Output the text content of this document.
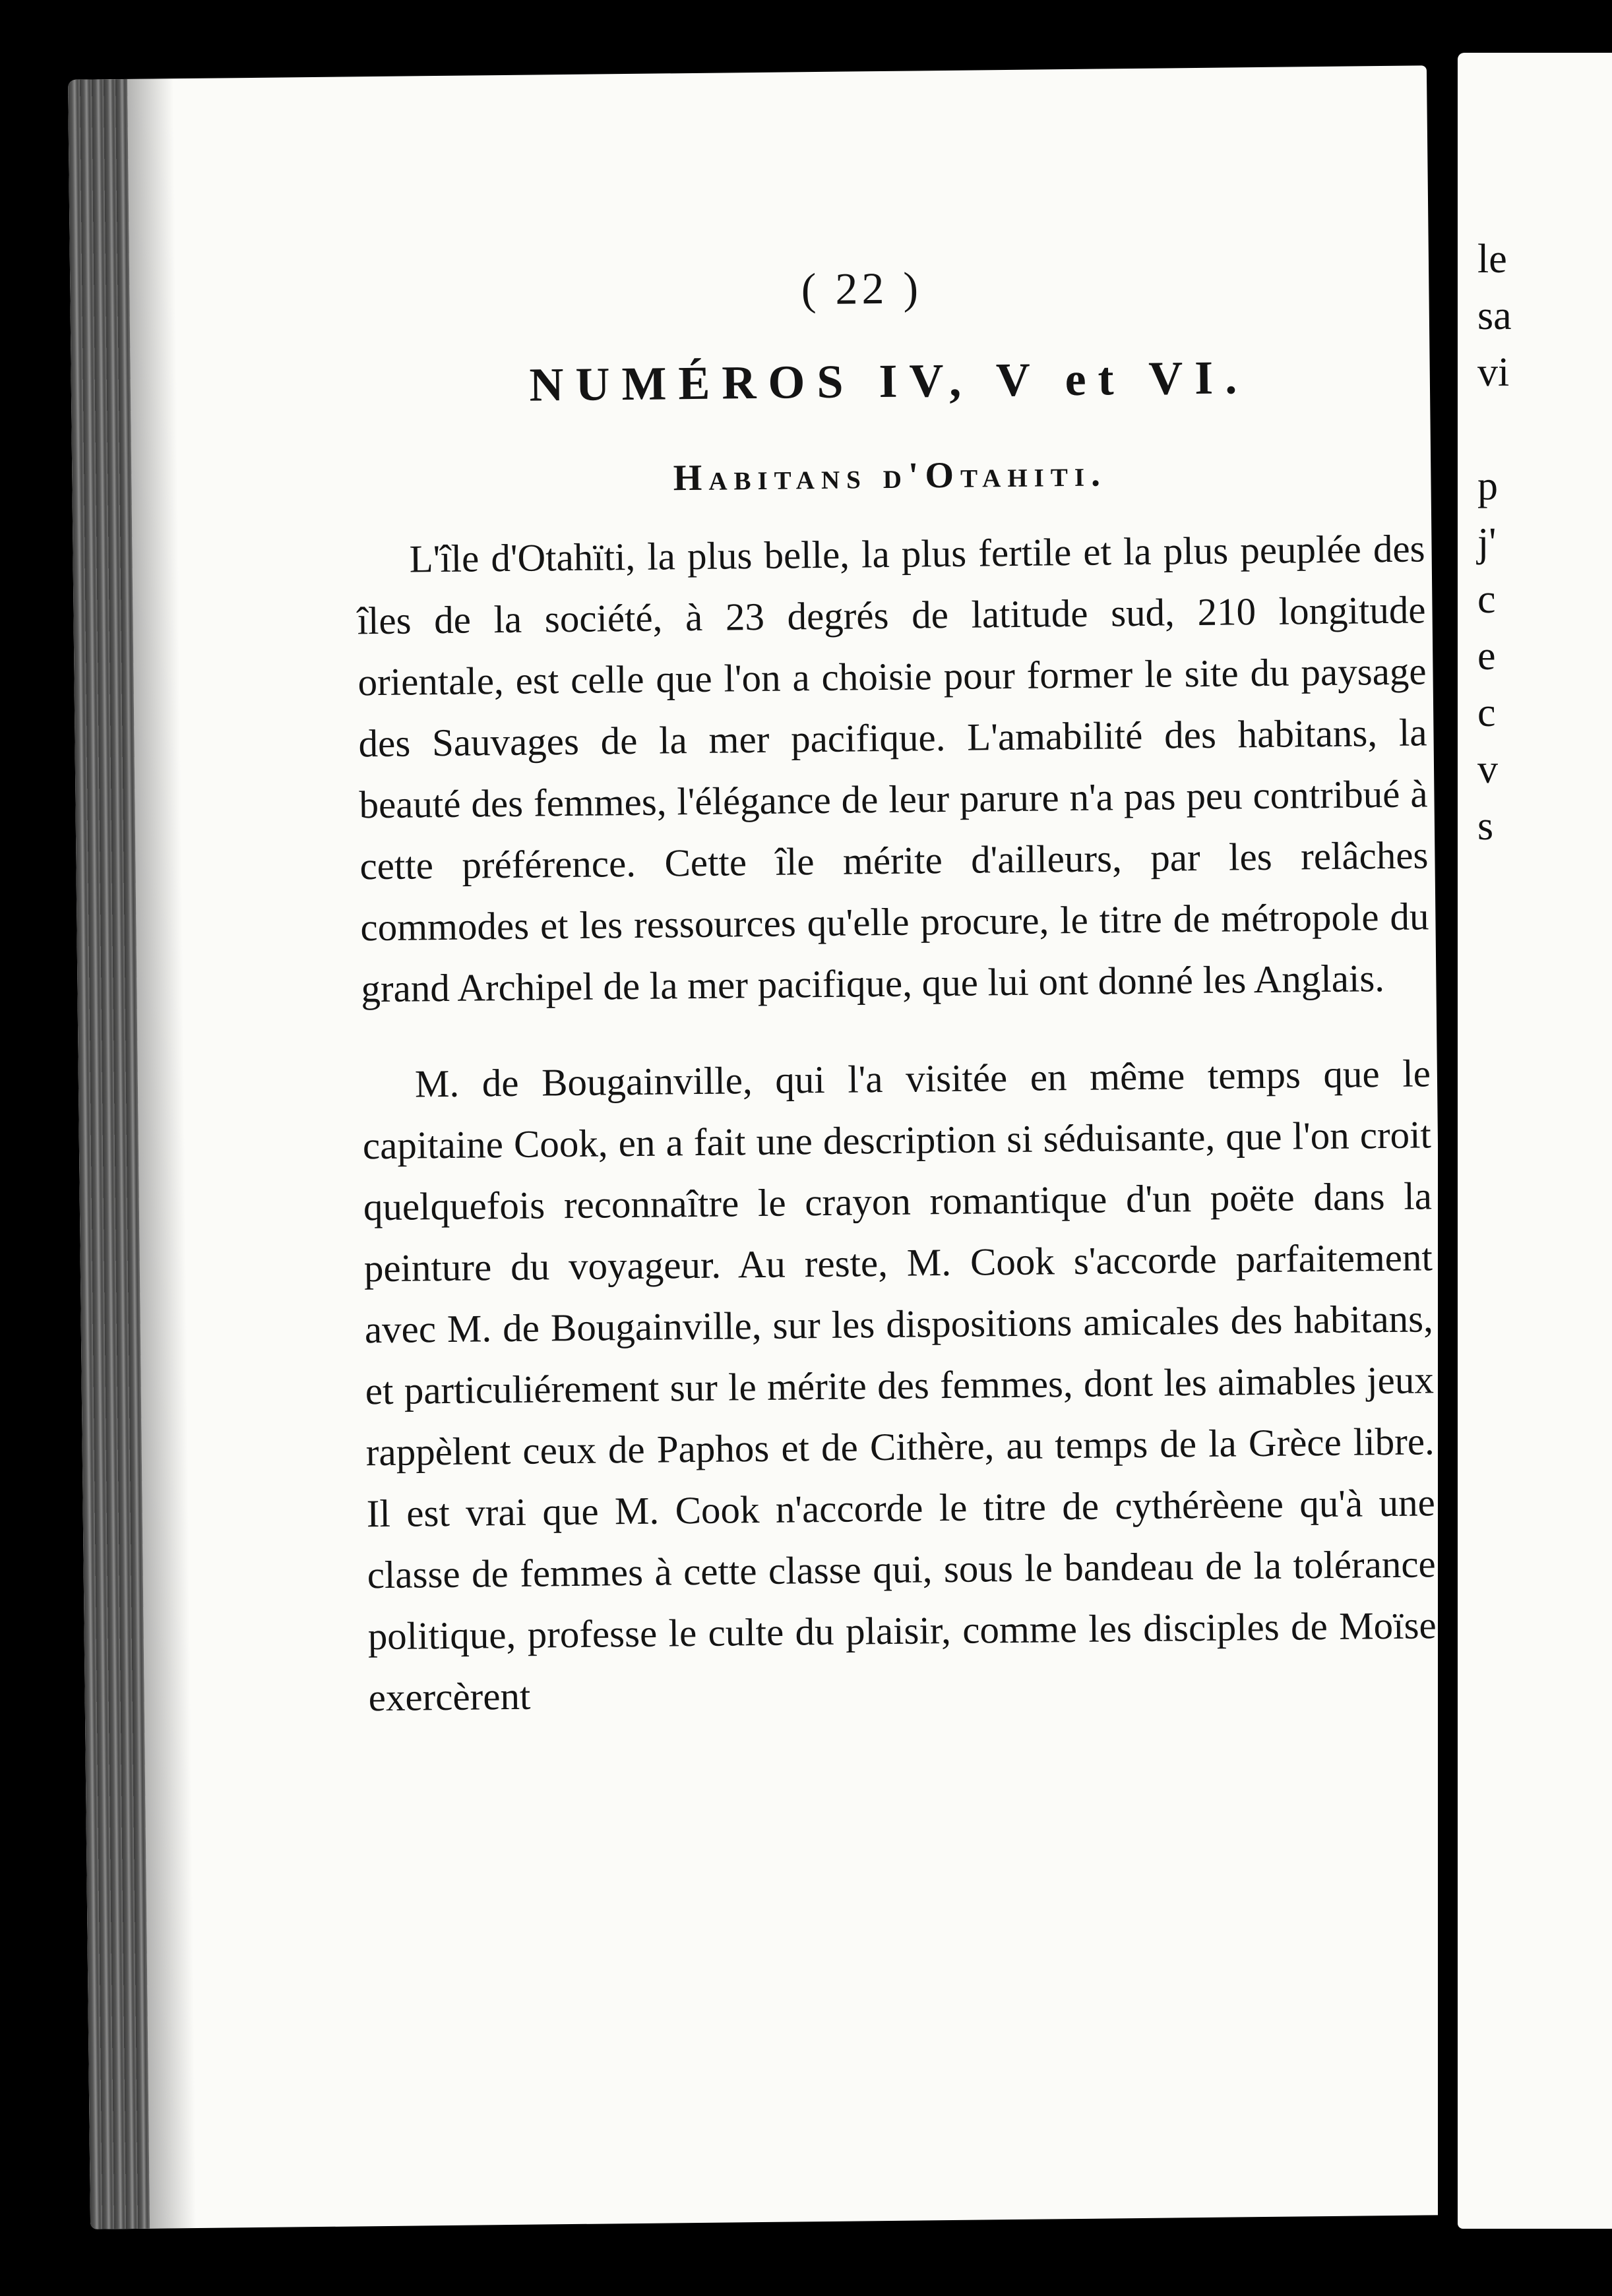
( 22 )
NUMÉROS IV, V et VI.
Habitans d'Otahiti.

L'île d'Otahïti, la plus belle, la plus fertile et la plus peuplée des îles de la société, à 23 degrés de latitude sud, 210 longitude orientale, est celle que l'on a choisie pour former le site du paysage des Sauvages de la mer pacifique. L'amabilité des habitans, la beauté des femmes, l'élégance de leur parure n'a pas peu contribué à cette préférence. Cette île mérite d'ailleurs, par les relâches commodes et les ressources qu'elle procure, le titre de métropole du grand Archipel de la mer pacifique, que lui ont donné les Anglais.

M. de Bougainville, qui l'a visitée en même temps que le capitaine Cook, en a fait une description si séduisante, que l'on croit quelquefois reconnaître le crayon romantique d'un poëte dans la peinture du voyageur. Au reste, M. Cook s'accorde parfaitement avec M. de Bougainville, sur les dispositions amicales des habitans, et particuliérement sur le mérite des femmes, dont les aimables jeux rappèlent ceux de Paphos et de Cithère, au temps de la Grèce libre. Il est vrai que M. Cook n'accorde le titre de cythérèene qu'à une classe de femmes à cette classe qui, sous le bandeau de la tolérance politique, professe le culte du plaisir, comme les disciples de Moïse exercèrent

le
sa
vi

p
j'
c
e
c
v
s
